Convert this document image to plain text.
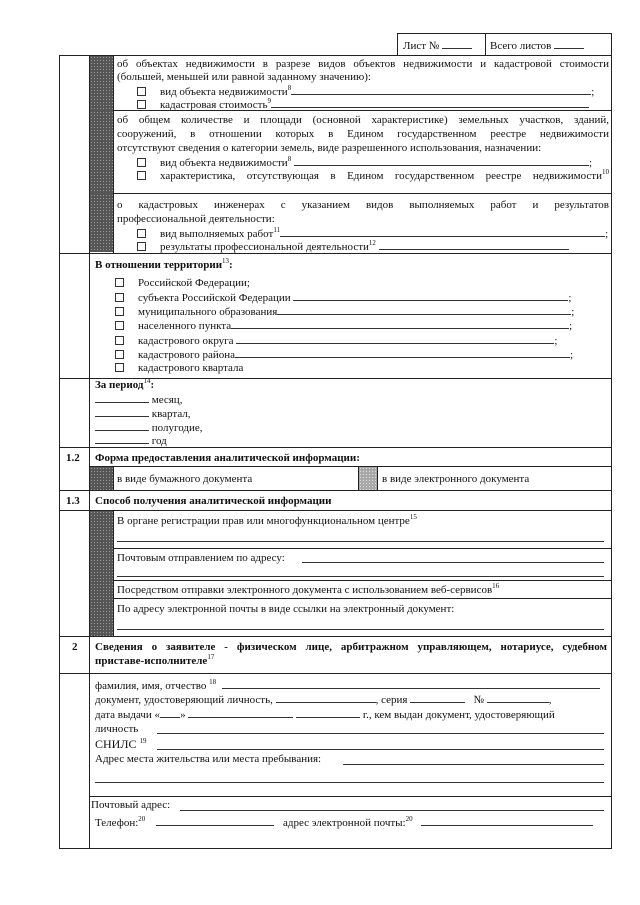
Лист №	Всего листов
об объектах недвижимости в разрезе видов объектов недвижимости и кадастровой стоимости
(большей, меньшей или равной заданному значению):
вид объекта недвижимости$^8$	;
кадастровая стоимость$^9$
об общем количестве и площади (основной характеристике) земельных участков, зданий,
сооружений, в отношении которых в Едином государственном реестре недвижимости
отсутствуют сведения о категории земель, виде разрешенного использования, назначении:
вид объекта недвижимости$^8$	;
характеристика, отсутствующая в Едином государственном реестре недвижимости$^{10}$
о кадастровых инженерах с указанием видов выполняемых работ и результатов
профессиональной деятельности:
вид выполняемых работ$^{11}$	;
результаты профессиональной деятельности$^{12}$
В отношении территории$^{13}$:
Российской Федерации;
субъекта Российской Федерации	;
муниципального образования	;
населенного пункта	;
кадастрового округа	;
кадастрового района	;
кадастрового квартала
За период$^{14}$:
месяц,
квартал,
полугодие,
год
1.2 Форма предоставления аналитической информации:
в виде бумажного документа	в виде электронного документа
1.3 Способ получения аналитической информации
В органе регистрации прав или многофункциональном центре$^{15}$
Почтовым отправлением по адресу:
Посредством отправки электронного документа с использованием веб-сервисов$^{16}$
По адресу электронной почты в виде ссылки на электронный документ:
2 Сведения о заявителе - физическом лице, арбитражном управляющем, нотариусе, судебном
приставе-исполнителе$^{17}$
фамилия, имя, отчество $^{18}$
документ, удостоверяющий личность,	, серия	№	,
дата выдачи « »	г., кем выдан документ, удостоверяющий
личность
СНИЛС $^{19}$
Адрес места жительства или места пребывания:
Почтовый адрес:
Телефон:$^{20}$	адрес электронной почты:$^{20}$
